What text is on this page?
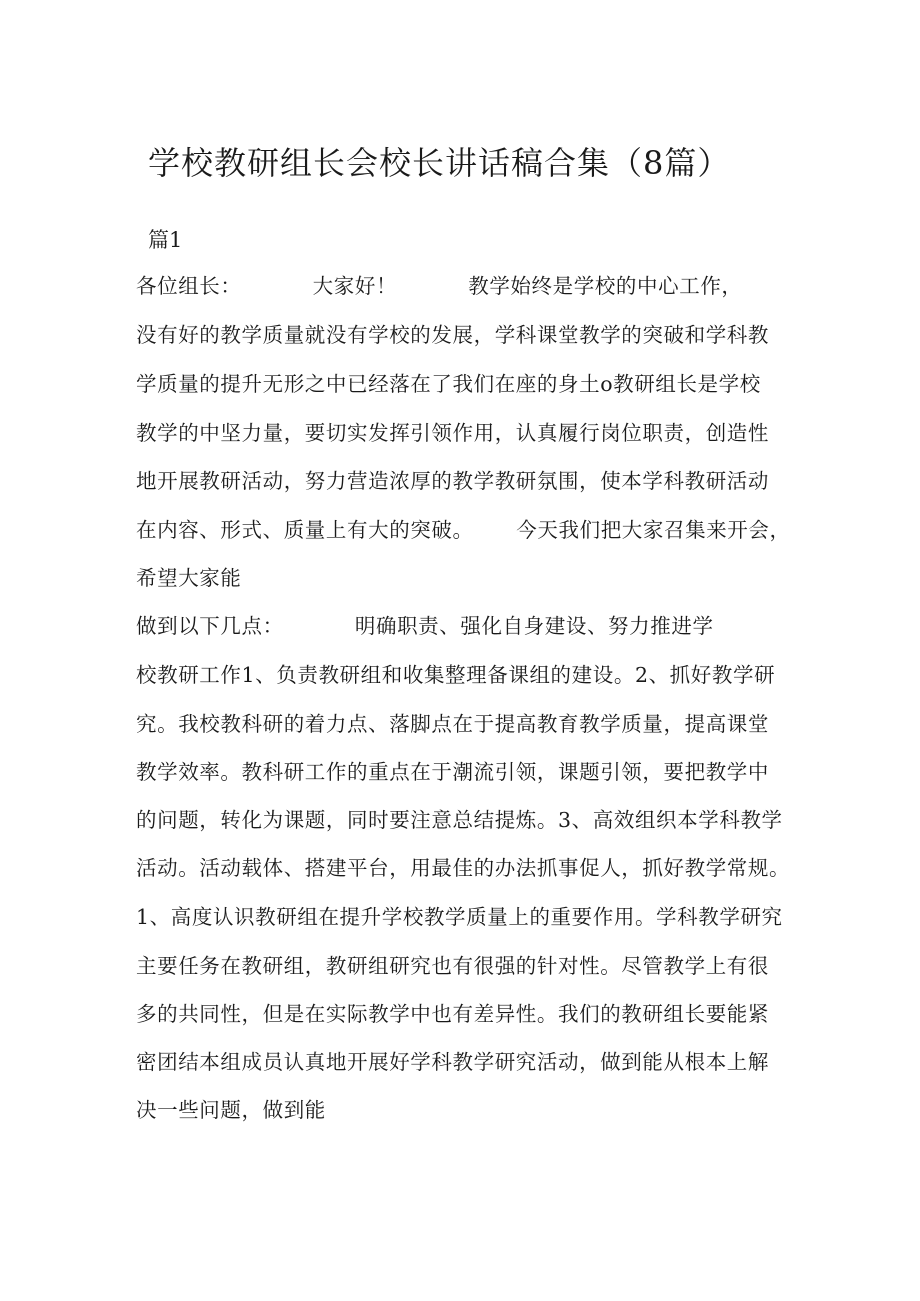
学校教研组长会校长讲话稿合集（8篇）
篇1

各位组长：          大家好！          教学始终是学校的中心工作，

没有好的教学质量就没有学校的发展，学科课堂教学的突破和学科教

学质量的提升无形之中已经落在了我们在座的身土o教研组长是学校

教学的中坚力量，要切实发挥引领作用，认真履行岗位职责，创造性

地开展教研活动，努力营造浓厚的教学教研氛围，使本学科教研活动

在内容、形式、质量上有大的突破。      今天我们把大家召集来开会，

希望大家能

做到以下几点：          明确职责、强化自身建设、努力推进学

校教研工作1、负责教研组和收集整理备课组的建设。2、抓好教学研

究。我校教科研的着力点、落脚点在于提高教育教学质量，提高课堂

教学效率。教科研工作的重点在于潮流引领，课题引领，要把教学中

的问题，转化为课题，同时要注意总结提炼。3、高效组织本学科教学

活动。活动载体、搭建平台，用最佳的办法抓事促人，抓好教学常规。

1、高度认识教研组在提升学校教学质量上的重要作用。学科教学研究

主要任务在教研组，教研组研究也有很强的针对性。尽管教学上有很

多的共同性，但是在实际教学中也有差异性。我们的教研组长要能紧

密团结本组成员认真地开展好学科教学研究活动，做到能从根本上解

决一些问题，做到能
